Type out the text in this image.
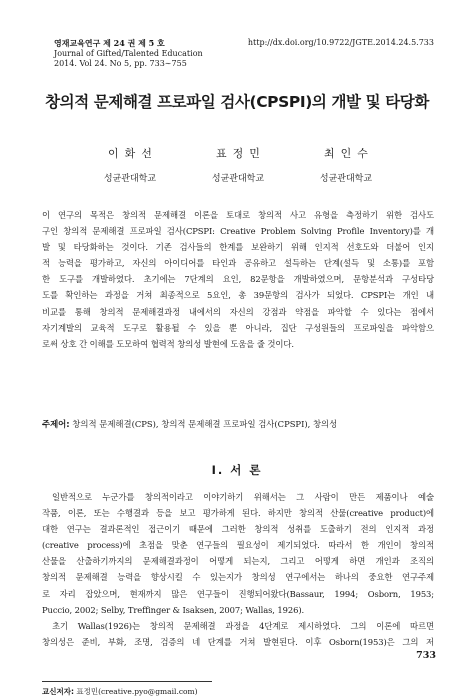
영재교육연구 제 24 권 제 5 호
Journal of Gifted/Talented Education
2014. Vol 24. No 5, pp. 733∼755
http://dx.doi.org/10.9722/JGTE.2014.24.5.733
창의적 문제해결 프로파일 검사(CPSPI)의 개발 및 타당화
이화선
성균관대학교
표정민
성균관대학교
최인수
성균관대학교
이 연구의 목적은 창의적 문제해결 이론을 토대로 창의적 사고 유형을 측정하기 위한 검사도
구인 창의적 문제해결 프로파일 검사(CPSPI: Creative Problem Solving Profile Inventory)를 개
발 및 타당화하는 것이다. 기존 검사들의 한계를 보완하기 위해 인지적 선호도와 더불어 인지
적 능력을 평가하고, 자신의 아이디어를 타인과 공유하고 설득하는 단계(설득 및 소통)를 포함
한 도구를 개발하였다. 초기에는 7단계의 요인, 82문항을 개발하였으며, 문항분석과 구성타당
도를 확인하는 과정을 거쳐 최종적으로 5요인, 총 39문항의 검사가 되었다. CPSPI는 개인 내
비교를 통해 창의적 문제해결과정 내에서의 자신의 강점과 약점을 파악할 수 있다는 점에서
자기계발의 교육적 도구로 활용될 수 있을 뿐 아니라, 집단 구성원들의 프로파일을 파악함으
로써 상호 간 이해를 도모하여 협력적 창의성 발현에 도움을 줄 것이다.
주제어: 창의적 문제해결(CPS), 창의적 문제해결 프로파일 검사(CPSPI), 창의성
I. 서 론
일반적으로 누군가를 창의적이라고 이야기하기 위해서는 그 사람이 만든 제품이나 예술
작품, 이론, 또는 수행결과 등을 보고 평가하게 된다. 하지만 창의적 산물(creative product)에
대한 연구는 결과론적인 접근이기 때문에 그러한 창의적 성취를 도출하기 전의 인지적 과정
(creative process)에 초점을 맞춘 연구들의 필요성이 제기되었다. 따라서 한 개인이 창의적
산물을 산출하기까지의 문제해결과정이 어떻게 되는지, 그리고 어떻게 하면 개인과 조직의
창의적 문제해결 능력을 향상시킬 수 있는지가 창의성 연구에서는 하나의 중요한 연구주제
로 자리 잡았으며, 현재까지 많은 연구들이 진행되어왔다(Bassaur, 1994; Osborn, 1953;
Puccio, 2002; Selby, Treffinger & Isaksen, 2007; Wallas, 1926).
초기 Wallas(1926)는 창의적 문제해결 과정을 4단계로 제시하였다. 그의 이론에 따르면
창의성은 준비, 부화, 조명, 검증의 네 단계를 거쳐 발현된다. 이후 Osborn(1953)은 그의 저
733
교신저자: 표정민(creative.pyo@gmail.com)
